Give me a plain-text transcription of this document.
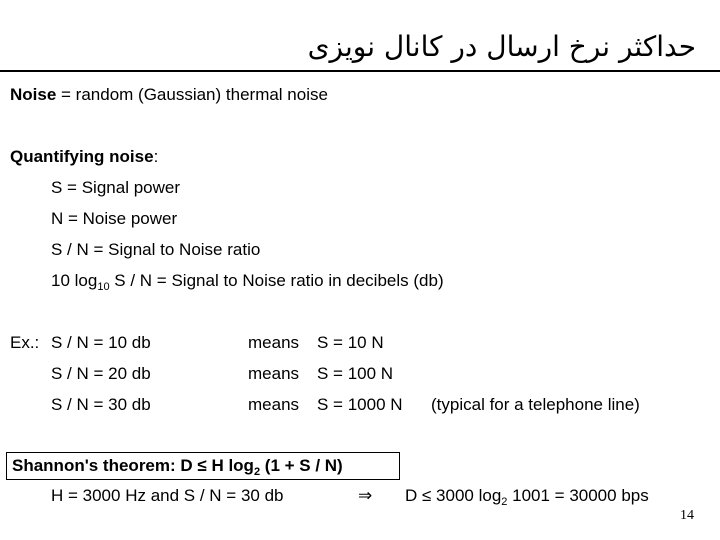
حداکثر نرخ ارسال در کانال نویزی
Noise = random (Gaussian) thermal noise
Quantifying noise:
S = Signal power
N = Noise power
S / N = Signal to Noise ratio
10 $\log_{10} S$ / N = Signal to Noise ratio in decibels (db)
Ex.: S / N = 10 db	means S = 10 N
S / N = 20 db	means S = 100 N
S / N = 30 db	means S = 1000 N (typical for a telephone line)
Shannon's theorem: D ≤ H $\log_2 (1 + S / N)$
H = 3000 Hz and S / N = 30 db	⇒ D ≤ 3000 $\log_2 1001 = 30000$ bps
14
